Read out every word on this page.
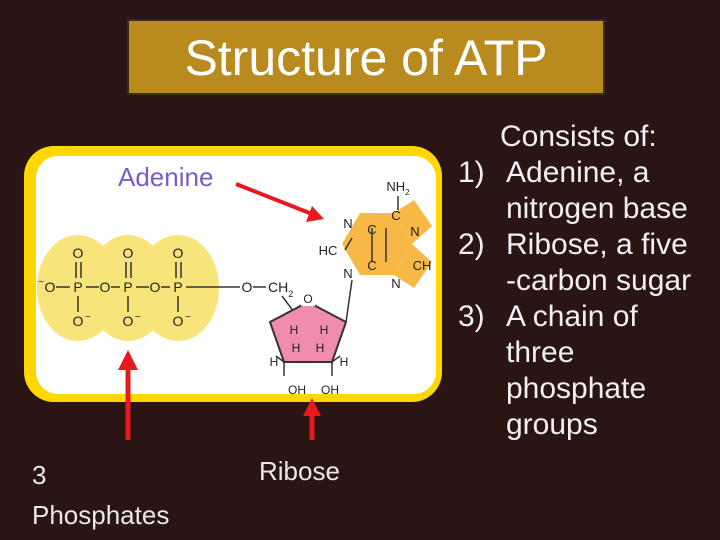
Structure of ATP
O P O P O P
O	O	O
O	O	O
O
−
−	−	−
$CH_2$ O
H H
H H
H	H
OH OH
$NH_2$
N
C
N
HC
C
C	CH
N
N
Adenine
3
Phosphates
Ribose
Consists of:
1) Adenine, a
nitrogen base
2) Ribose, a five
-carbon sugar
3) A chain of
three
phosphate
groups
